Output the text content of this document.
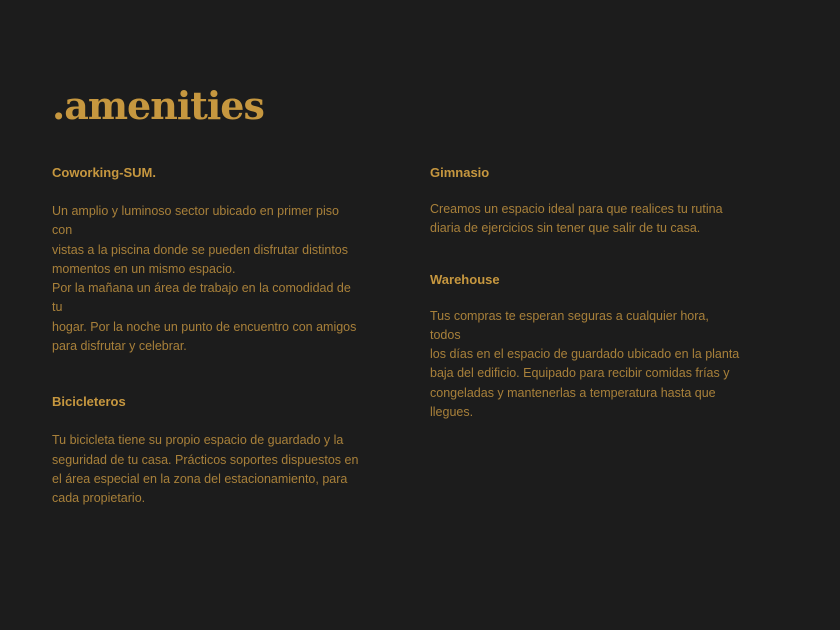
.amenities
Coworking-SUM.

Un amplio y luminoso sector ubicado en primer piso con
vistas a la piscina donde se pueden disfrutar distintos
momentos en un mismo espacio.
Por la mañana un área de trabajo en la comodidad de tu
hogar. Por la noche un punto de encuentro con amigos
para disfrutar y celebrar.

Bicicleteros

Tu bicicleta tiene su propio espacio de guardado y la
seguridad de tu casa. Prácticos soportes dispuestos en
el área especial en la zona del estacionamiento, para
cada propietario.

Gimnasio

Creamos un espacio ideal para que realices tu rutina
diaria de ejercicios sin tener que salir de tu casa.

Warehouse

Tus compras te esperan seguras a cualquier hora, todos
los días en el espacio de guardado ubicado en la planta
baja del edificio. Equipado para recibir comidas frías y
congeladas y mantenerlas a temperatura hasta que
llegues.
